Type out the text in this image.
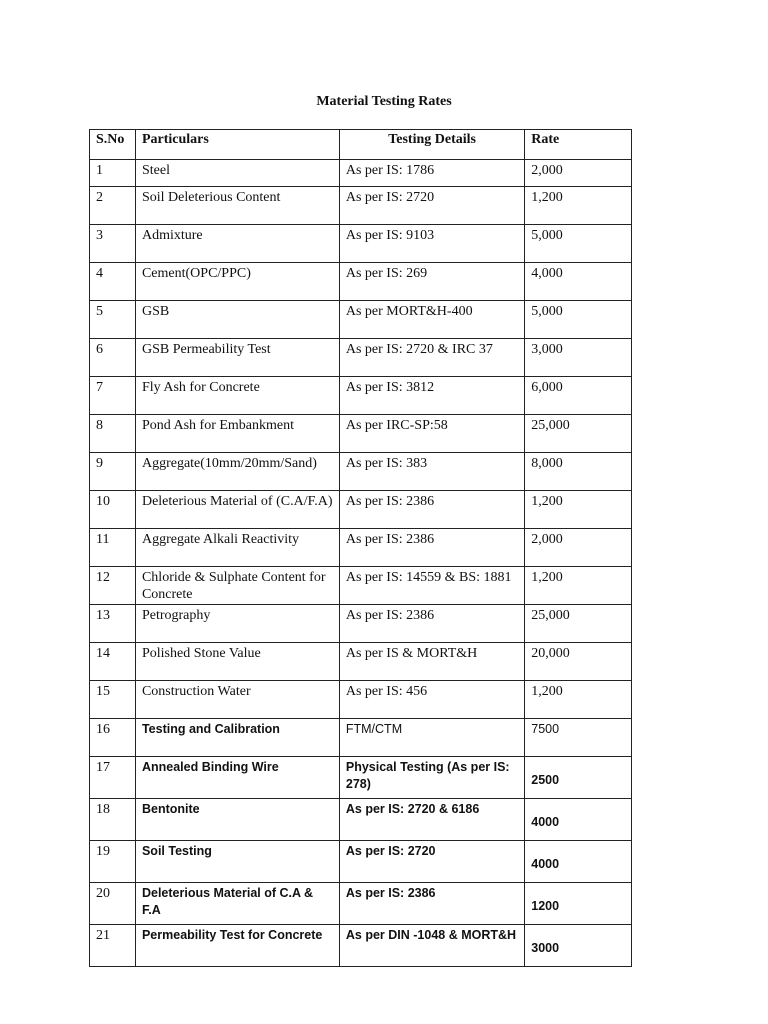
Material Testing Rates
S.No	Particulars	Testing Details	Rate
1	Steel	As per IS: 1786	2,000
2	Soil Deleterious Content	As per IS: 2720	1,200
3	Admixture	As per IS: 9103	5,000
4	Cement(OPC/PPC)	As per IS: 269	4,000
5	GSB	As per MORT&H-400	5,000
6	GSB Permeability Test	As per IS: 2720 & IRC 37	3,000
7	Fly Ash for Concrete	As per IS: 3812	6,000
8	Pond Ash for Embankment	As per IRC-SP:58	25,000
9	Aggregate(10mm/20mm/Sand)	As per IS: 383	8,000
10	Deleterious Material of (C.A/F.A)	As per IS: 2386	1,200
11	Aggregate Alkali Reactivity	As per IS: 2386	2,000
12	Chloride & Sulphate Content for Concrete	As per IS: 14559 & BS: 1881	1,200
13	Petrography	As per IS: 2386	25,000
14	Polished Stone Value	As per IS & MORT&H	20,000
15	Construction Water	As per IS: 456	1,200
16	Testing and Calibration	FTM/CTM	7500
17	Annealed Binding Wire	Physical Testing (As per IS: 278)	2500
18	Bentonite	As per IS: 2720 & 6186	4000
19	Soil Testing	As per IS: 2720	4000
20	Deleterious Material of C.A & F.A	As per IS: 2386	1200
21	Permeability Test for Concrete	As per DIN -1048 & MORT&H	3000
